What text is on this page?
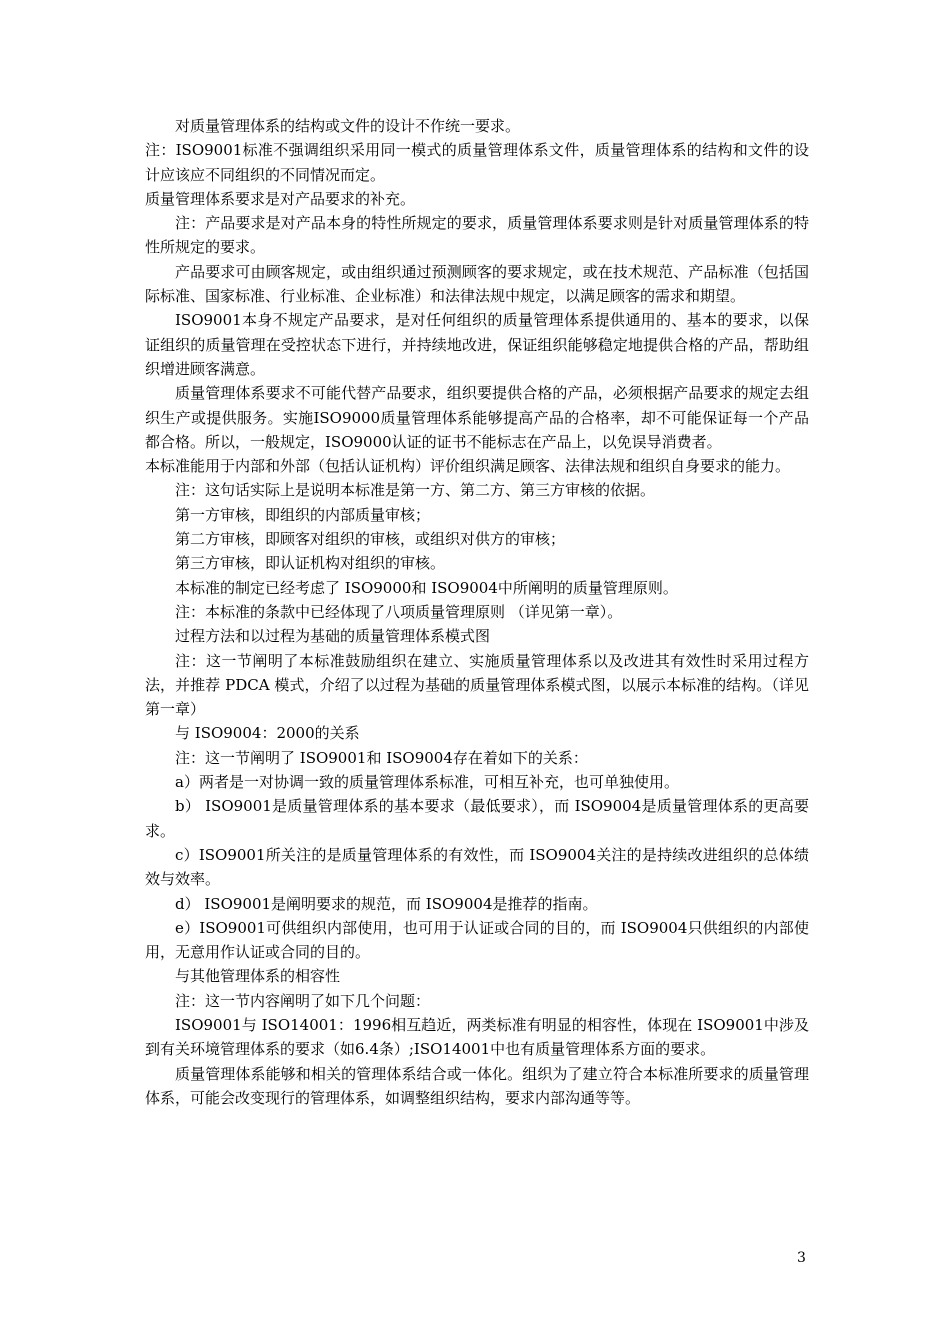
对质量管理体系的结构或文件的设计不作统一要求。

注：ISO9001标准不强调组织采用同一模式的质量管理体系文件，质量管理体系的结构和文件的设计应该应不同组织的不同情况而定。

质量管理体系要求是对产品要求的补充。

注：产品要求是对产品本身的特性所规定的要求，质量管理体系要求则是针对质量管理体系的特性所规定的要求。

产品要求可由顾客规定，或由组织通过预测顾客的要求规定，或在技术规范、产品标准（包括国际标准、国家标准、行业标准、企业标准）和法律法规中规定，以满足顾客的需求和期望。

ISO9001本身不规定产品要求，是对任何组织的质量管理体系提供通用的、基本的要求，以保证组织的质量管理在受控状态下进行，并持续地改进，保证组织能够稳定地提供合格的产品，帮助组织增进顾客满意。

质量管理体系要求不可能代替产品要求，组织要提供合格的产品，必须根据产品要求的规定去组织生产或提供服务。实施ISO9000质量管理体系能够提高产品的合格率，却不可能保证每一个产品都合格。所以，一般规定，ISO9000认证的证书不能标志在产品上，以免误导消费者。

本标准能用于内部和外部（包括认证机构）评价组织满足顾客、法律法规和组织自身要求的能力。

注：这句话实际上是说明本标准是第一方、第二方、第三方审核的依据。

第一方审核，即组织的内部质量审核；

第二方审核，即顾客对组织的审核，或组织对供方的审核；

第三方审核，即认证机构对组织的审核。

本标准的制定已经考虑了 ISO9000和 ISO9004中所阐明的质量管理原则。

注：本标准的条款中已经体现了八项质量管理原则 （详见第一章）。

过程方法和以过程为基础的质量管理体系模式图

注：这一节阐明了本标准鼓励组织在建立、实施质量管理体系以及改进其有效性时采用过程方法，并推荐 PDCA 模式，介绍了以过程为基础的质量管理体系模式图，以展示本标准的结构。（详见第一章）

与 ISO9004：2000的关系

注：这一节阐明了 ISO9001和 ISO9004存在着如下的关系：

a）两者是一对协调一致的质量管理体系标准，可相互补充，也可单独使用。

b） ISO9001是质量管理体系的基本要求（最低要求），而 ISO9004是质量管理体系的更高要求。

c）ISO9001所关注的是质量管理体系的有效性，而 ISO9004关注的是持续改进组织的总体绩效与效率。

d） ISO9001是阐明要求的规范，而 ISO9004是推荐的指南。

e）ISO9001可供组织内部使用，也可用于认证或合同的目的，而 ISO9004只供组织的内部使用，无意用作认证或合同的目的。

与其他管理体系的相容性

注：这一节内容阐明了如下几个问题：

ISO9001与 ISO14001：1996相互趋近，两类标准有明显的相容性，体现在 ISO9001中涉及到有关环境管理体系的要求（如6.4条）;ISO14001中也有质量管理体系方面的要求。

质量管理体系能够和相关的管理体系结合或一体化。组织为了建立符合本标准所要求的质量管理体系，可能会改变现行的管理体系，如调整组织结构，要求内部沟通等等。

3
